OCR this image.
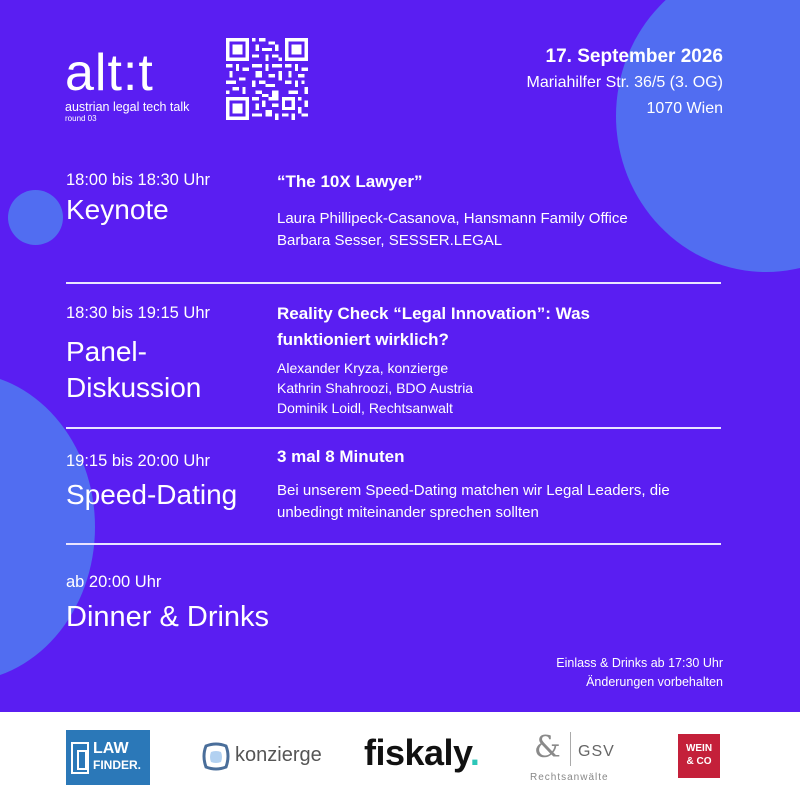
alt:t
austrian legal tech talk
round 03
17. September 2026
Mariahilfer Str. 36/5 (3. OG)
1070 Wien
18:00 bis 18:30 Uhr
Keynote
“The 10X Lawyer”
Laura Phillipeck-Casanova, Hansmann Family Office
Barbara Sesser, SESSER.LEGAL
18:30 bis 19:15 Uhr
Panel-
Diskussion
Reality Check “Legal Innovation”: Was
funktioniert wirklich?
Alexander Kryza, konzierge
Kathrin Shahroozi, BDO Austria
Dominik Loidl, Rechtsanwalt
19:15 bis 20:00 Uhr
Speed-Dating
3 mal 8 Minuten
Bei unserem Speed-Dating matchen wir Legal Leaders, die
unbedingt miteinander sprechen sollten
ab 20:00 Uhr
Dinner & Drinks
Einlass & Drinks ab 17:30 Uhr
Änderungen vorbehalten
LAW
FINDER.	konzierge fiskaly. & GSV
Rechtsanwälte
WEIN
& CO
